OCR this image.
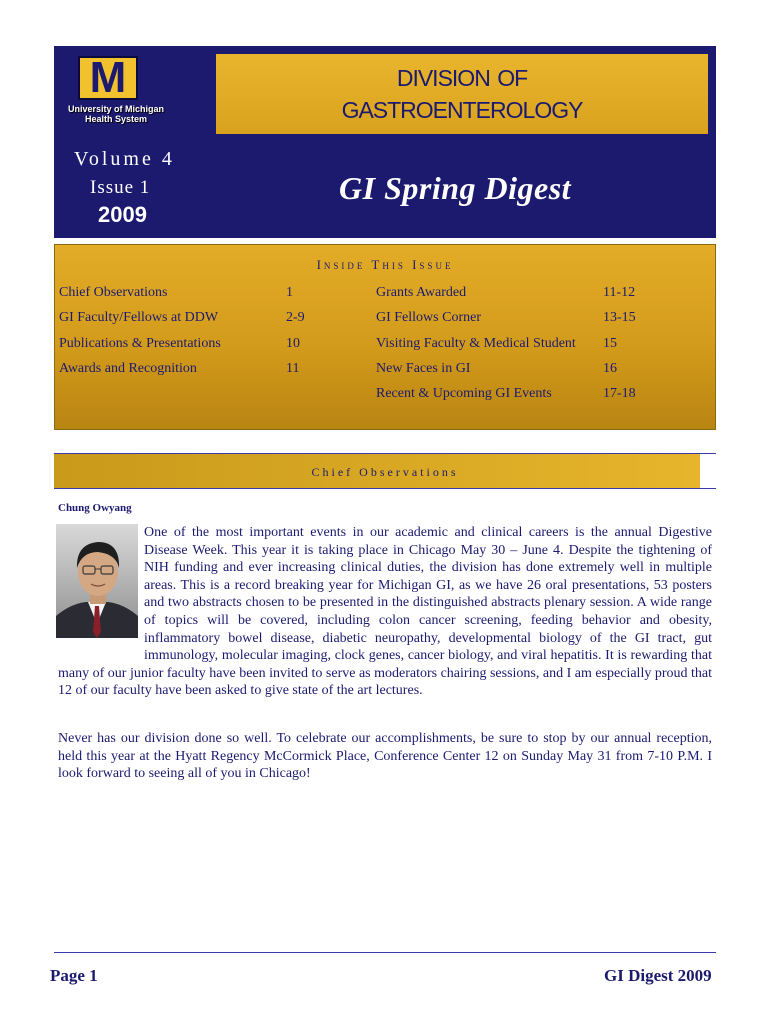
M
University of Michigan
Health System
DIVISION OF
GASTROENTEROLOGY
Volume 4
Issue 1
2009
GI Spring Digest
Inside This Issue
Chief Observations	1
GI Faculty/Fellows at DDW	2-9
Publications & Presentations	10
Awards and Recognition	11
Grants Awarded	11-12
GI Fellows Corner	13-15
Visiting Faculty & Medical Student 15
New Faces in GI	16
Recent & Upcoming GI Events	17-18
Chief Observations
Chung Owyang
One of the most important events in our academic and clinical careers is the annual Digestive Disease Week. This year it is taking place in Chicago May 30 – June 4. Despite the tightening of NIH funding and ever increasing clinical duties, the division has done extremely well in multiple areas. This is a record breaking year for Michigan GI, as we have 26 oral presentations, 53 posters and two abstracts chosen to be presented in the distinguished abstracts plenary session. A wide range of topics will be covered, including colon cancer screening, feeding behavior and obesity, inflammatory bowel disease, diabetic neuropathy, developmental biology of the GI tract, gut immunology, molecular imaging, clock genes, cancer biology, and viral hepatitis. It is rewarding that many of our junior faculty have been invited to serve as moderators chairing sessions, and I am especially proud that 12 of our faculty have been asked to give state of the art lectures.
Never has our division done so well. To celebrate our accomplishments, be sure to stop by our annual reception, held this year at the Hyatt Regency McCormick Place, Conference Center 12 on Sunday May 31 from 7-10 P.M. I look forward to seeing all of you in Chicago!
Page 1	GI Digest 2009
